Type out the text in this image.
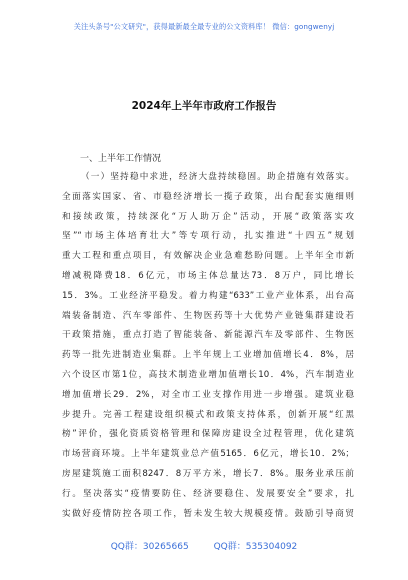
关注头条号"公文研究"，获得最新最全最专业的公文资料库！ 微信：gongwenyj
2024年上半年市政府工作报告
一、上半年工作情况
（一）坚持稳中求进，经济大盘持续稳固。助企措施有效落实。
全面落实国家、省、市稳经济增长一揽子政策，出台配套实施细则
和接续政策，持续深化“万人助万企”活动，开展“政策落实攻
坚”“市场主体培育壮大”等专项行动，扎实推进“十四五”规划
重大工程和重点项目，有效解决企业急难愁盼问题。上半年全市新
增减税降费18．6亿元，市场主体总量达73．8万户，同比增长
15．3%。工业经济平稳发。着力构建“633”工业产业体系，出台高
端装备制造、汽车零部件、生物医药等十大优势产业链集群建设若
干政策措施，重点打造了智能装备、新能源汽车及零部件、生物医
药等一批先进制造业集群。上半年规上工业增加值增长4．8%，居
六个设区市第1位，高技术制造业增加值增长10．4%，汽车制造业
增加值增长29．2%，对全市工业支撑作用进一步增强。建筑业稳
步提升。完善工程建设组织模式和政策支持体系，创新开展“红黑
榜”评价，强化资质资格管理和保障房建设全过程管理，优化建筑
市场营商环境。上半年建筑业总产值5165．6亿元，增长10．2%；
房屋建筑施工面积8247．8万平方米，增长7．8%。服务业承压前
行。坚决落实“疫情要防住、经济要稳住、发展要安全”要求，扎
实做好疫情防控各项工作，暂未发生较大规模疫情。鼓励引导商贸
QQ群：30265665	QQ群：535304092
